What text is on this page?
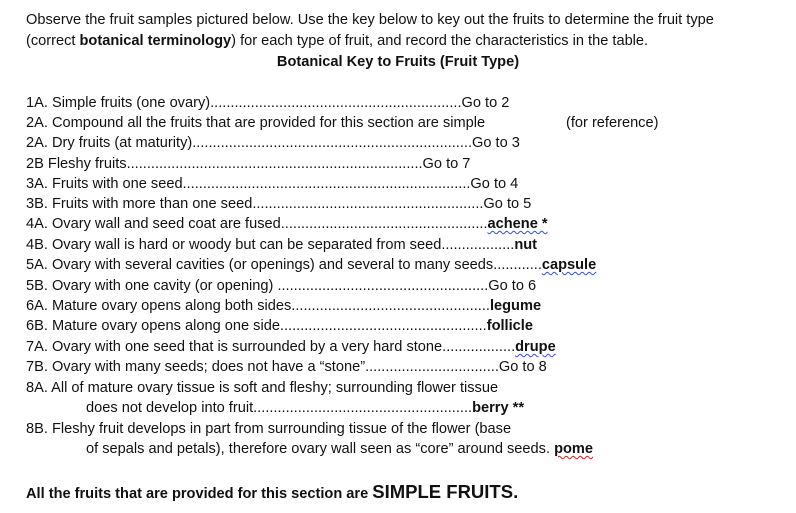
Observe the fruit samples pictured below. Use the key below to key out the fruits to determine the fruit type
(correct botanical terminology) for each type of fruit, and record the characteristics in the table.
Botanical Key to Fruits (Fruit Type)
1A. Simple fruits (one ovary)..............................................................Go to 2
2A. Compound all the fruits that are provided for this section are simple	(for reference)
2A. Dry fruits (at maturity).....................................................................Go to 3
2B Fleshy fruits.........................................................................Go to 7
3A. Fruits with one seed.......................................................................Go to 4
3B. Fruits with more than one seed.........................................................Go to 5
4A. Ovary wall and seed coat are fused...................................................achene *
4B. Ovary wall is hard or woody but can be separated from seed..................nut
5A. Ovary with several cavities (or openings) and several to many seeds............capsule
5B. Ovary with one cavity (or opening) ....................................................Go to 6
6A. Mature ovary opens along both sides.................................................legume
6B. Mature ovary opens along one side...................................................follicle
7A. Ovary with one seed that is surrounded by a very hard stone..................drupe
7B. Ovary with many seeds; does not have a “stone”.................................Go to 8
8A. All of mature ovary tissue is soft and fleshy; surrounding flower tissue
does not develop into fruit......................................................berry **
8B. Fleshy fruit develops in part from surrounding tissue of the flower (base
of sepals and petals), therefore ovary wall seen as “core” around seeds. pome
All the fruits that are provided for this section are SIMPLE FRUITS.
